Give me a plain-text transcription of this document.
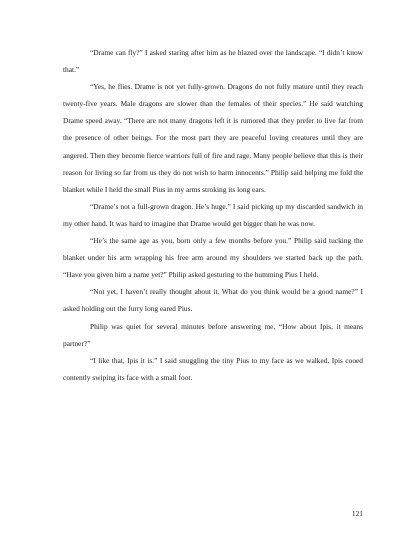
“Drame can fly?” I asked staring after him as he blazed over the landscape. “I didn’t know that.”

“Yes, he flies. Drame is not yet fully-grown. Dragons do not fully mature until they reach twenty-five years. Male dragons are slower than the females of their species.” He said watching Drame speed away. “There are not many dragons left it is rumored that they prefer to live far from the presence of other beings. For the most part they are peaceful loving creatures until they are angered. Then they become fierce warriors full of fire and rage. Many people believe that this is their reason for living so far from us they do not wish to harm innocents.” Philip said helping me fold the blanket while I held the small Pius in my arms stroking its long ears.

“Drame’s not a full-grown dragon. He’s huge.” I said picking up my discarded sandwich in my other hand. It was hard to imagine that Drame would get bigger than he was now.

“He’s the same age as you, born only a few months before you.” Philip said tucking the blanket under his arm wrapping his free arm around my shoulders we started back up the path. “Have you given him a name yet?” Philip asked gesturing to the humming Pius I held.

“Not yet, I haven’t really thought about it. What do you think would be a good name?” I asked holding out the furry long eared Pius.

Philip was quiet for several minutes before answering me, “How about Ipis, it means partner?”

“I like that, Ipis it is.” I said snuggling the tiny Pius to my face as we walked. Ipis cooed contently swiping its face with a small foot.

121
